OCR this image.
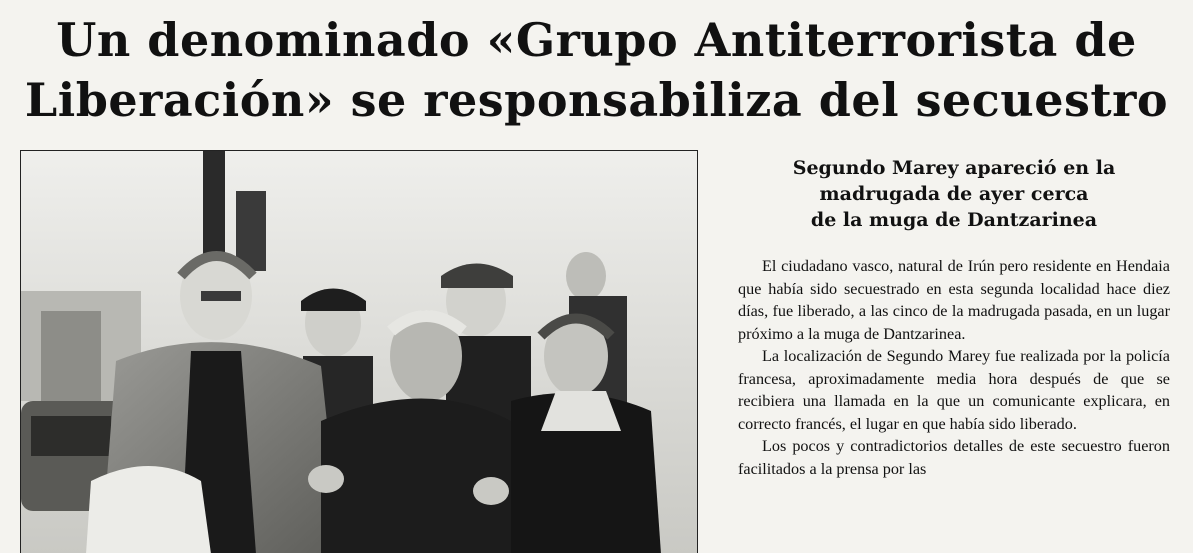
Un denominado «Grupo Antiterrorista de
Liberación» se responsabiliza del secuestro
Segundo Marey apareció en la
madrugada de ayer cerca
de la muga de Dantzarinea

El ciudadano vasco, natural de Irún pero residente en Hendaia que había sido secuestrado en esta segunda localidad hace diez días, fue liberado, a las cinco de la madrugada pasada, en un lugar próximo a la muga de Dantzarinea.

La localización de Segundo Marey fue realizada por la policía francesa, aproximadamente media hora después de que se recibiera una llamada en la que un comunicante explicara, en correcto francés, el lugar en que había sido liberado.

Los pocos y contradictorios detalles de este secuestro fueron facilitados a la prensa por las
